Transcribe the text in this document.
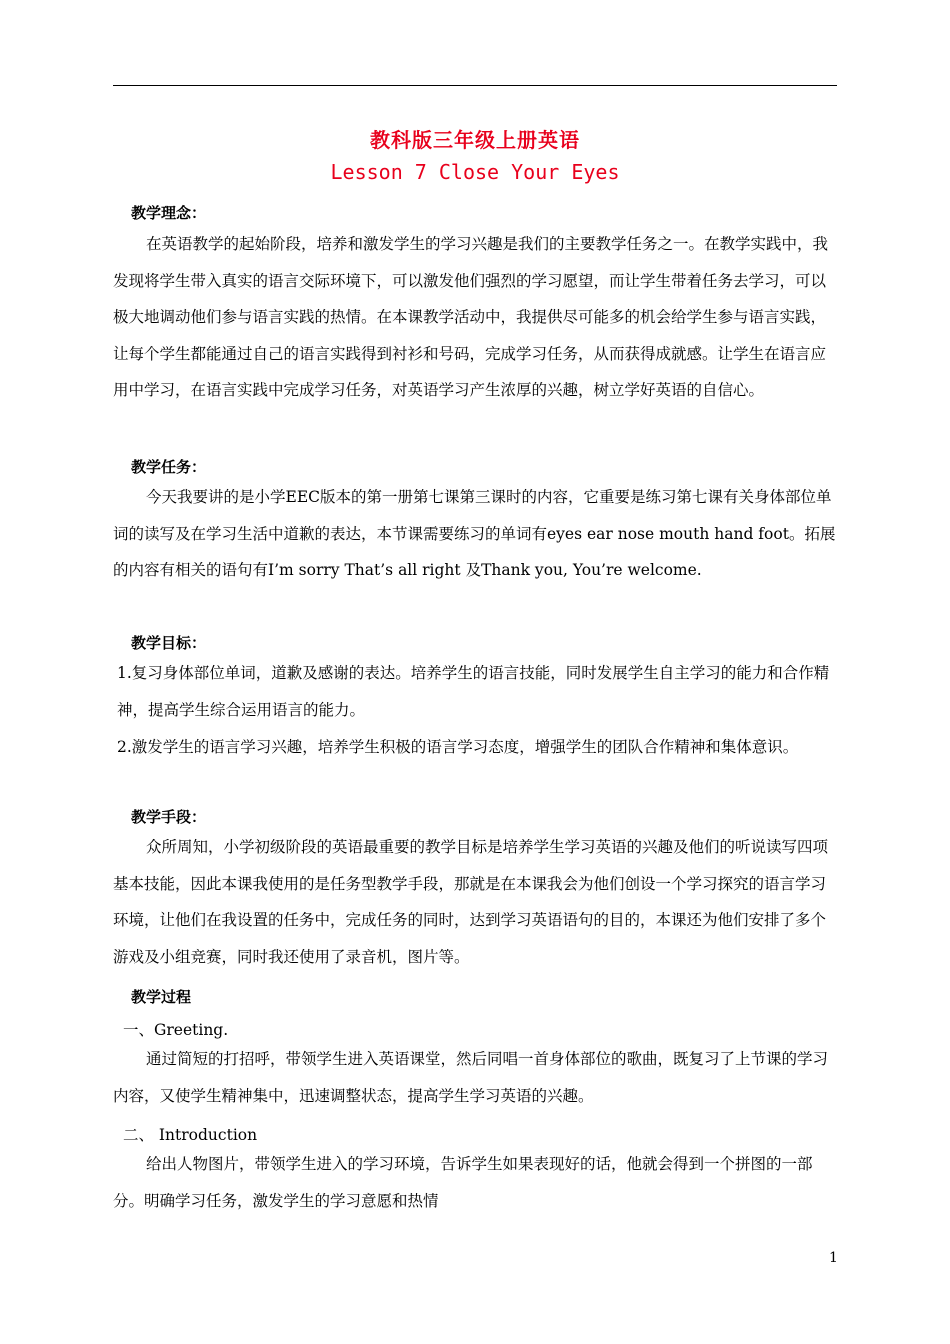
教科版三年级上册英语
Lesson 7 Close Your Eyes
教学理念：

在英语教学的起始阶段，培养和激发学生的学习兴趣是我们的主要教学任务之一。在教学实践中，我发现将学生带入真实的语言交际环境下，可以激发他们强烈的学习愿望，而让学生带着任务去学习，可以极大地调动他们参与语言实践的热情。在本课教学活动中，我提供尽可能多的机会给学生参与语言实践，让每个学生都能通过自己的语言实践得到衬衫和号码，完成学习任务，从而获得成就感。让学生在语言应用中学习，在语言实践中完成学习任务，对英语学习产生浓厚的兴趣，树立学好英语的自信心。

教学任务：

今天我要讲的是小学EEC版本的第一册第七课第三课时的内容，它重要是练习第七课有关身体部位单词的读写及在学习生活中道歉的表达，本节课需要练习的单词有eyes ear nose mouth hand foot。拓展的内容有相关的语句有I’m sorry That’s all right 及Thank you, You’re welcome.

教学目标：
1.复习身体部位单词，道歉及感谢的表达。培养学生的语言技能，同时发展学生自主学习的能力和合作精神，提高学生综合运用语言的能力。
2.激发学生的语言学习兴趣，培养学生积极的语言学习态度，增强学生的团队合作精神和集体意识。
教学手段：

众所周知，小学初级阶段的英语最重要的教学目标是培养学生学习英语的兴趣及他们的听说读写四项基本技能，因此本课我使用的是任务型教学手段，那就是在本课我会为他们创设一个学习探究的语言学习环境，让他们在我设置的任务中，完成任务的同时，达到学习英语语句的目的，本课还为他们安排了多个游戏及小组竞赛，同时我还使用了录音机，图片等。

教学过程
一、Greeting.

通过简短的打招呼，带领学生进入英语课堂，然后同唱一首身体部位的歌曲，既复习了上节课的学习内容，又使学生精神集中，迅速调整状态，提高学生学习英语的兴趣。

二、 Introduction

给出人物图片，带领学生进入的学习环境，告诉学生如果表现好的话，他就会得到一个拼图的一部分。明确学习任务，激发学生的学习意愿和热情

1
